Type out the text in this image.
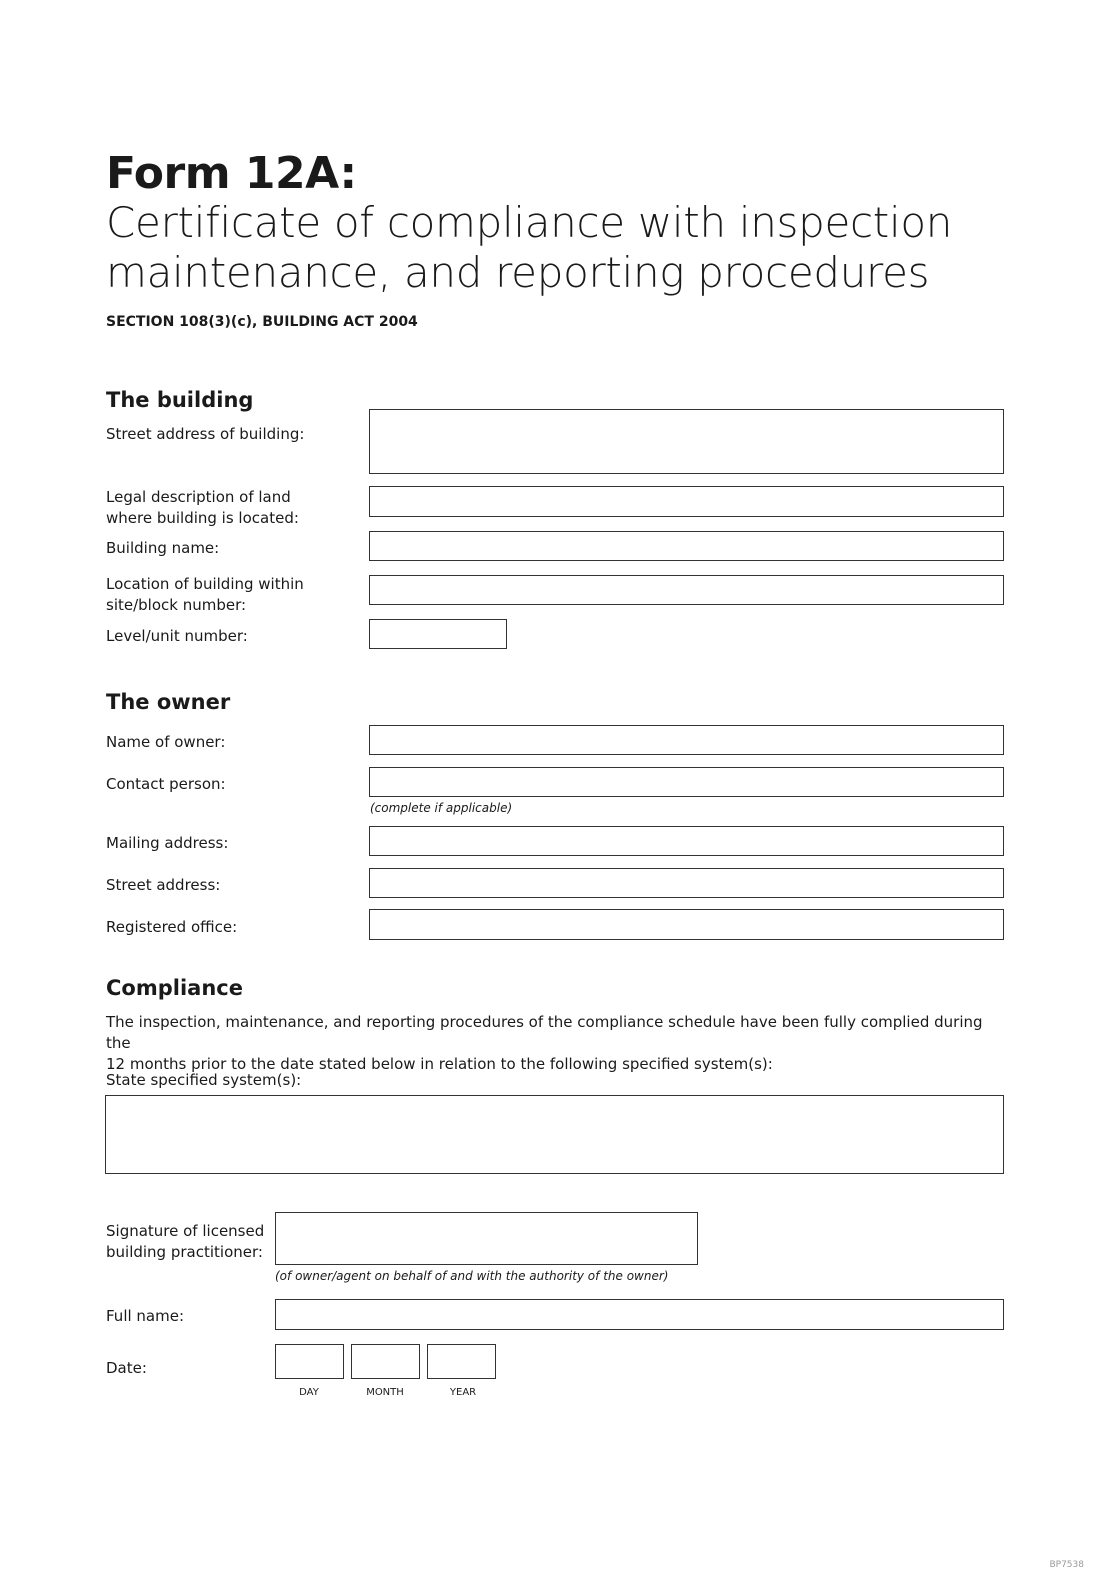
Form 12A:
Certificate of compliance with inspection
maintenance, and reporting procedures
SECTION 108(3)(c), BUILDING ACT 2004
The building
Street address of building:
Legal description of land
where building is located:
Building name:
Location of building within
site/block number:
Level/unit number:
The owner
Name of owner:
Contact person:
(complete if applicable)
Mailing address:
Street address:
Registered office:
Compliance
The inspection, maintenance, and reporting procedures of the compliance schedule have been fully complied during the
12 months prior to the date stated below in relation to the following specified system(s):
State specified system(s):
Signature of licensed
building practitioner:
(of owner/agent on behalf of and with the authority of the owner)
Full name:
Date:
DAY	MONTH	YEAR
BP7538
